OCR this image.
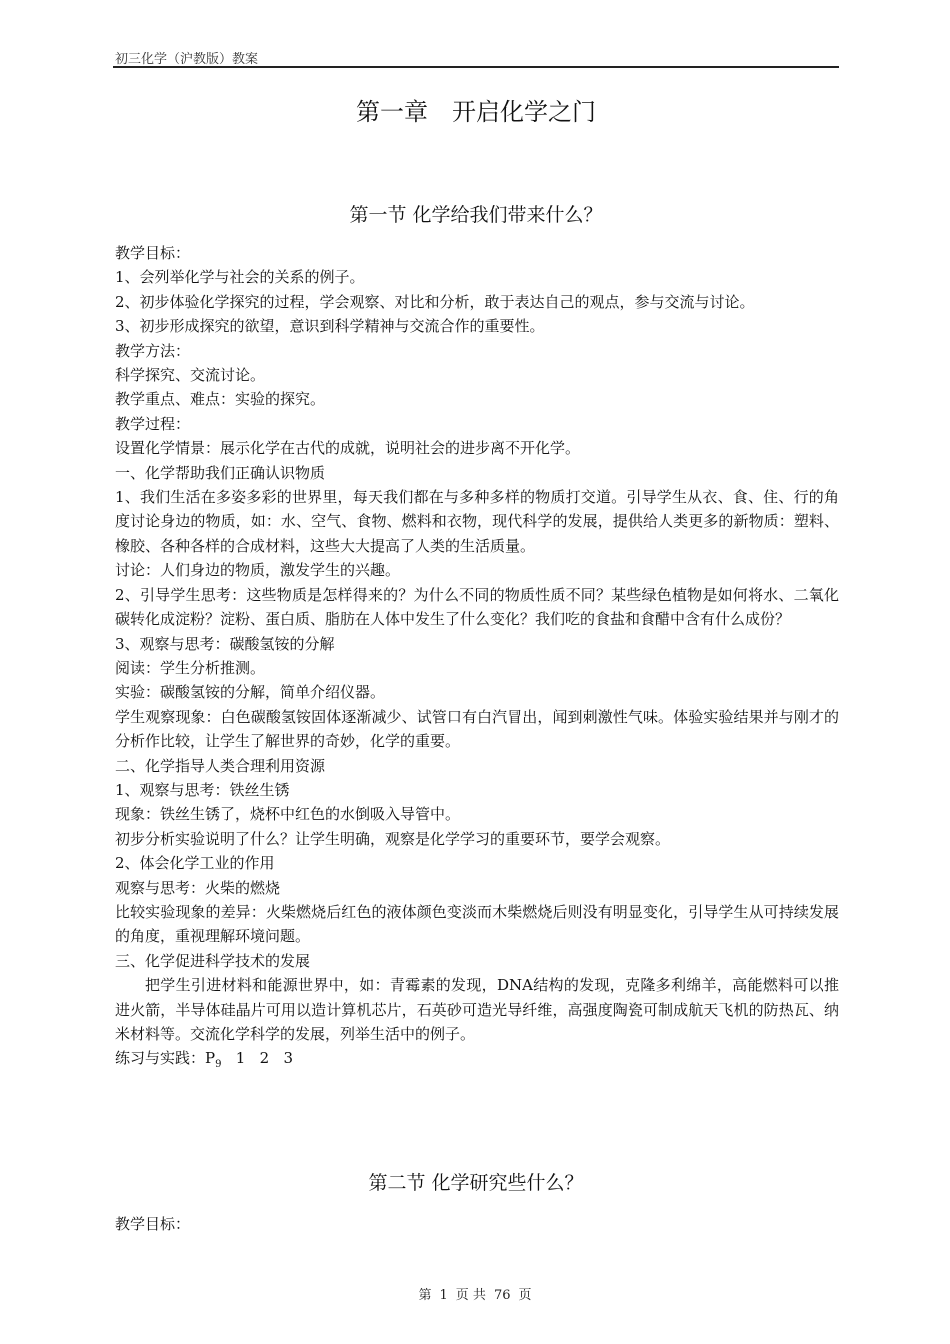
初三化学（沪教版）教案
第一章　开启化学之门
第一节 化学给我们带来什么？

教学目标：

1、会列举化学与社会的关系的例子。

2、初步体验化学探究的过程，学会观察、对比和分析，敢于表达自己的观点，参与交流与讨论。

3、初步形成探究的欲望，意识到科学精神与交流合作的重要性。

教学方法：

科学探究、交流讨论。

教学重点、难点：实验的探究。

教学过程：

设置化学情景：展示化学在古代的成就，说明社会的进步离不开化学。

一、化学帮助我们正确认识物质

1、我们生活在多姿多彩的世界里，每天我们都在与多种多样的物质打交道。引导学生从衣、食、住、行的角度讨论身边的物质，如：水、空气、食物、燃料和衣物，现代科学的发展，提供给人类更多的新物质：塑料、橡胶、各种各样的合成材料，这些大大提高了人类的生活质量。

讨论：人们身边的物质，激发学生的兴趣。

2、引导学生思考：这些物质是怎样得来的？为什么不同的物质性质不同？某些绿色植物是如何将水、二氧化碳转化成淀粉？淀粉、蛋白质、脂肪在人体中发生了什么变化？我们吃的食盐和食醋中含有什么成份？

3、观察与思考：碳酸氢铵的分解

阅读：学生分析推测。

实验：碳酸氢铵的分解，简单介绍仪器。

学生观察现象：白色碳酸氢铵固体逐渐减少、试管口有白汽冒出，闻到刺激性气味。体验实验结果并与刚才的分析作比较，让学生了解世界的奇妙，化学的重要。

二、化学指导人类合理利用资源

1、观察与思考：铁丝生锈

现象：铁丝生锈了，烧杯中红色的水倒吸入导管中。

初步分析实验说明了什么？让学生明确，观察是化学学习的重要环节，要学会观察。

2、体会化学工业的作用

观察与思考：火柴的燃烧

比较实验现象的差异：火柴燃烧后红色的液体颜色变淡而木柴燃烧后则没有明显变化，引导学生从可持续发展的角度，重视理解环境问题。

三、化学促进科学技术的发展

把学生引进材料和能源世界中，如：青霉素的发现，DNA结构的发现，克隆多利绵羊，高能燃料可以推进火箭，半导体硅晶片可用以造计算机芯片，石英砂可造光导纤维，高强度陶瓷可制成航天飞机的防热瓦、纳米材料等。交流化学科学的发展，列举生活中的例子。

练习与实践：$P_9$   1   2   3

第二节 化学研究些什么？

教学目标：

第 1 页 共 76 页
